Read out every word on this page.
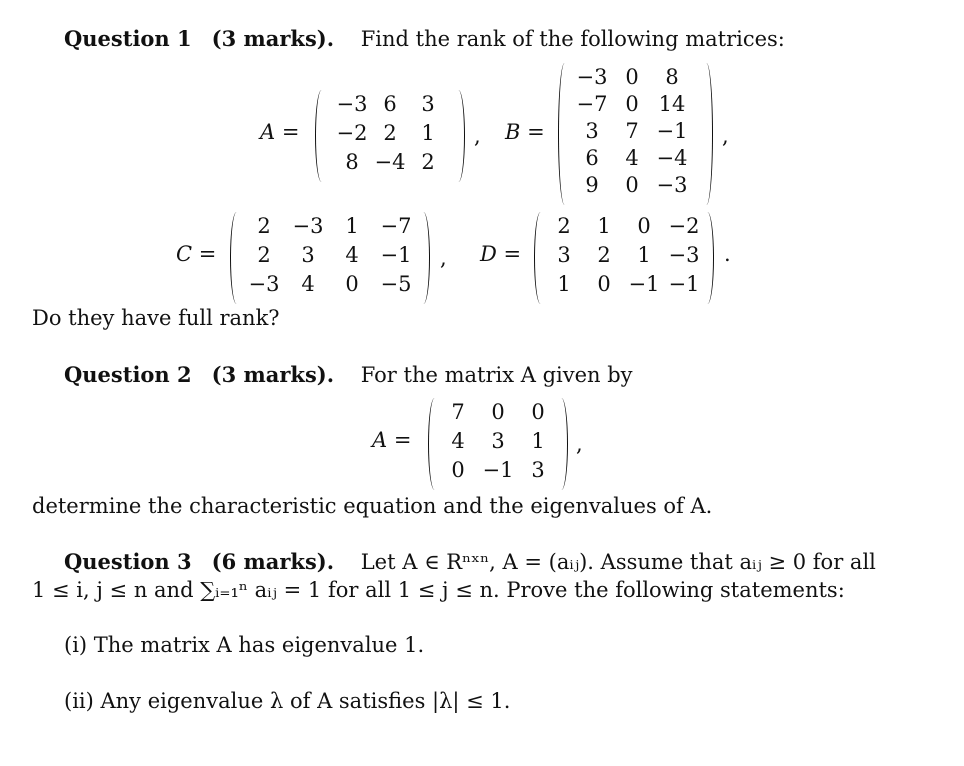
Question 1 (3 marks). Find the rank of the following matrices:
A =
−3 6	3
−2 2	1
8 −4 2
, B =
−3 0	8
−7 0 14
3	7 −1
6	4 −4
9	0 −3
,
C =
2	−3	1	−7
2	3	4	−1
−3	4	0	−5
, D =
2	1	0 −2
3	2	1 −3
1	0 −1 −1
.
Do they have full rank?
Question 2 (3 marks). For the matrix A given by
A =
7	0	0
4	3	1
0 −1 3
,
determine the characteristic equation and the eigenvalues of A.
Question 3 (6 marks). Let A ∈ Rⁿˣⁿ, A = (aᵢⱼ). Assume that aᵢⱼ ≥ 0 for all
1 ≤ i, j ≤ n and ∑ᵢ₌₁ⁿ aᵢⱼ = 1 for all 1 ≤ j ≤ n. Prove the following statements:
(i) The matrix A has eigenvalue 1.
(ii) Any eigenvalue λ of A satisfies |λ| ≤ 1.
